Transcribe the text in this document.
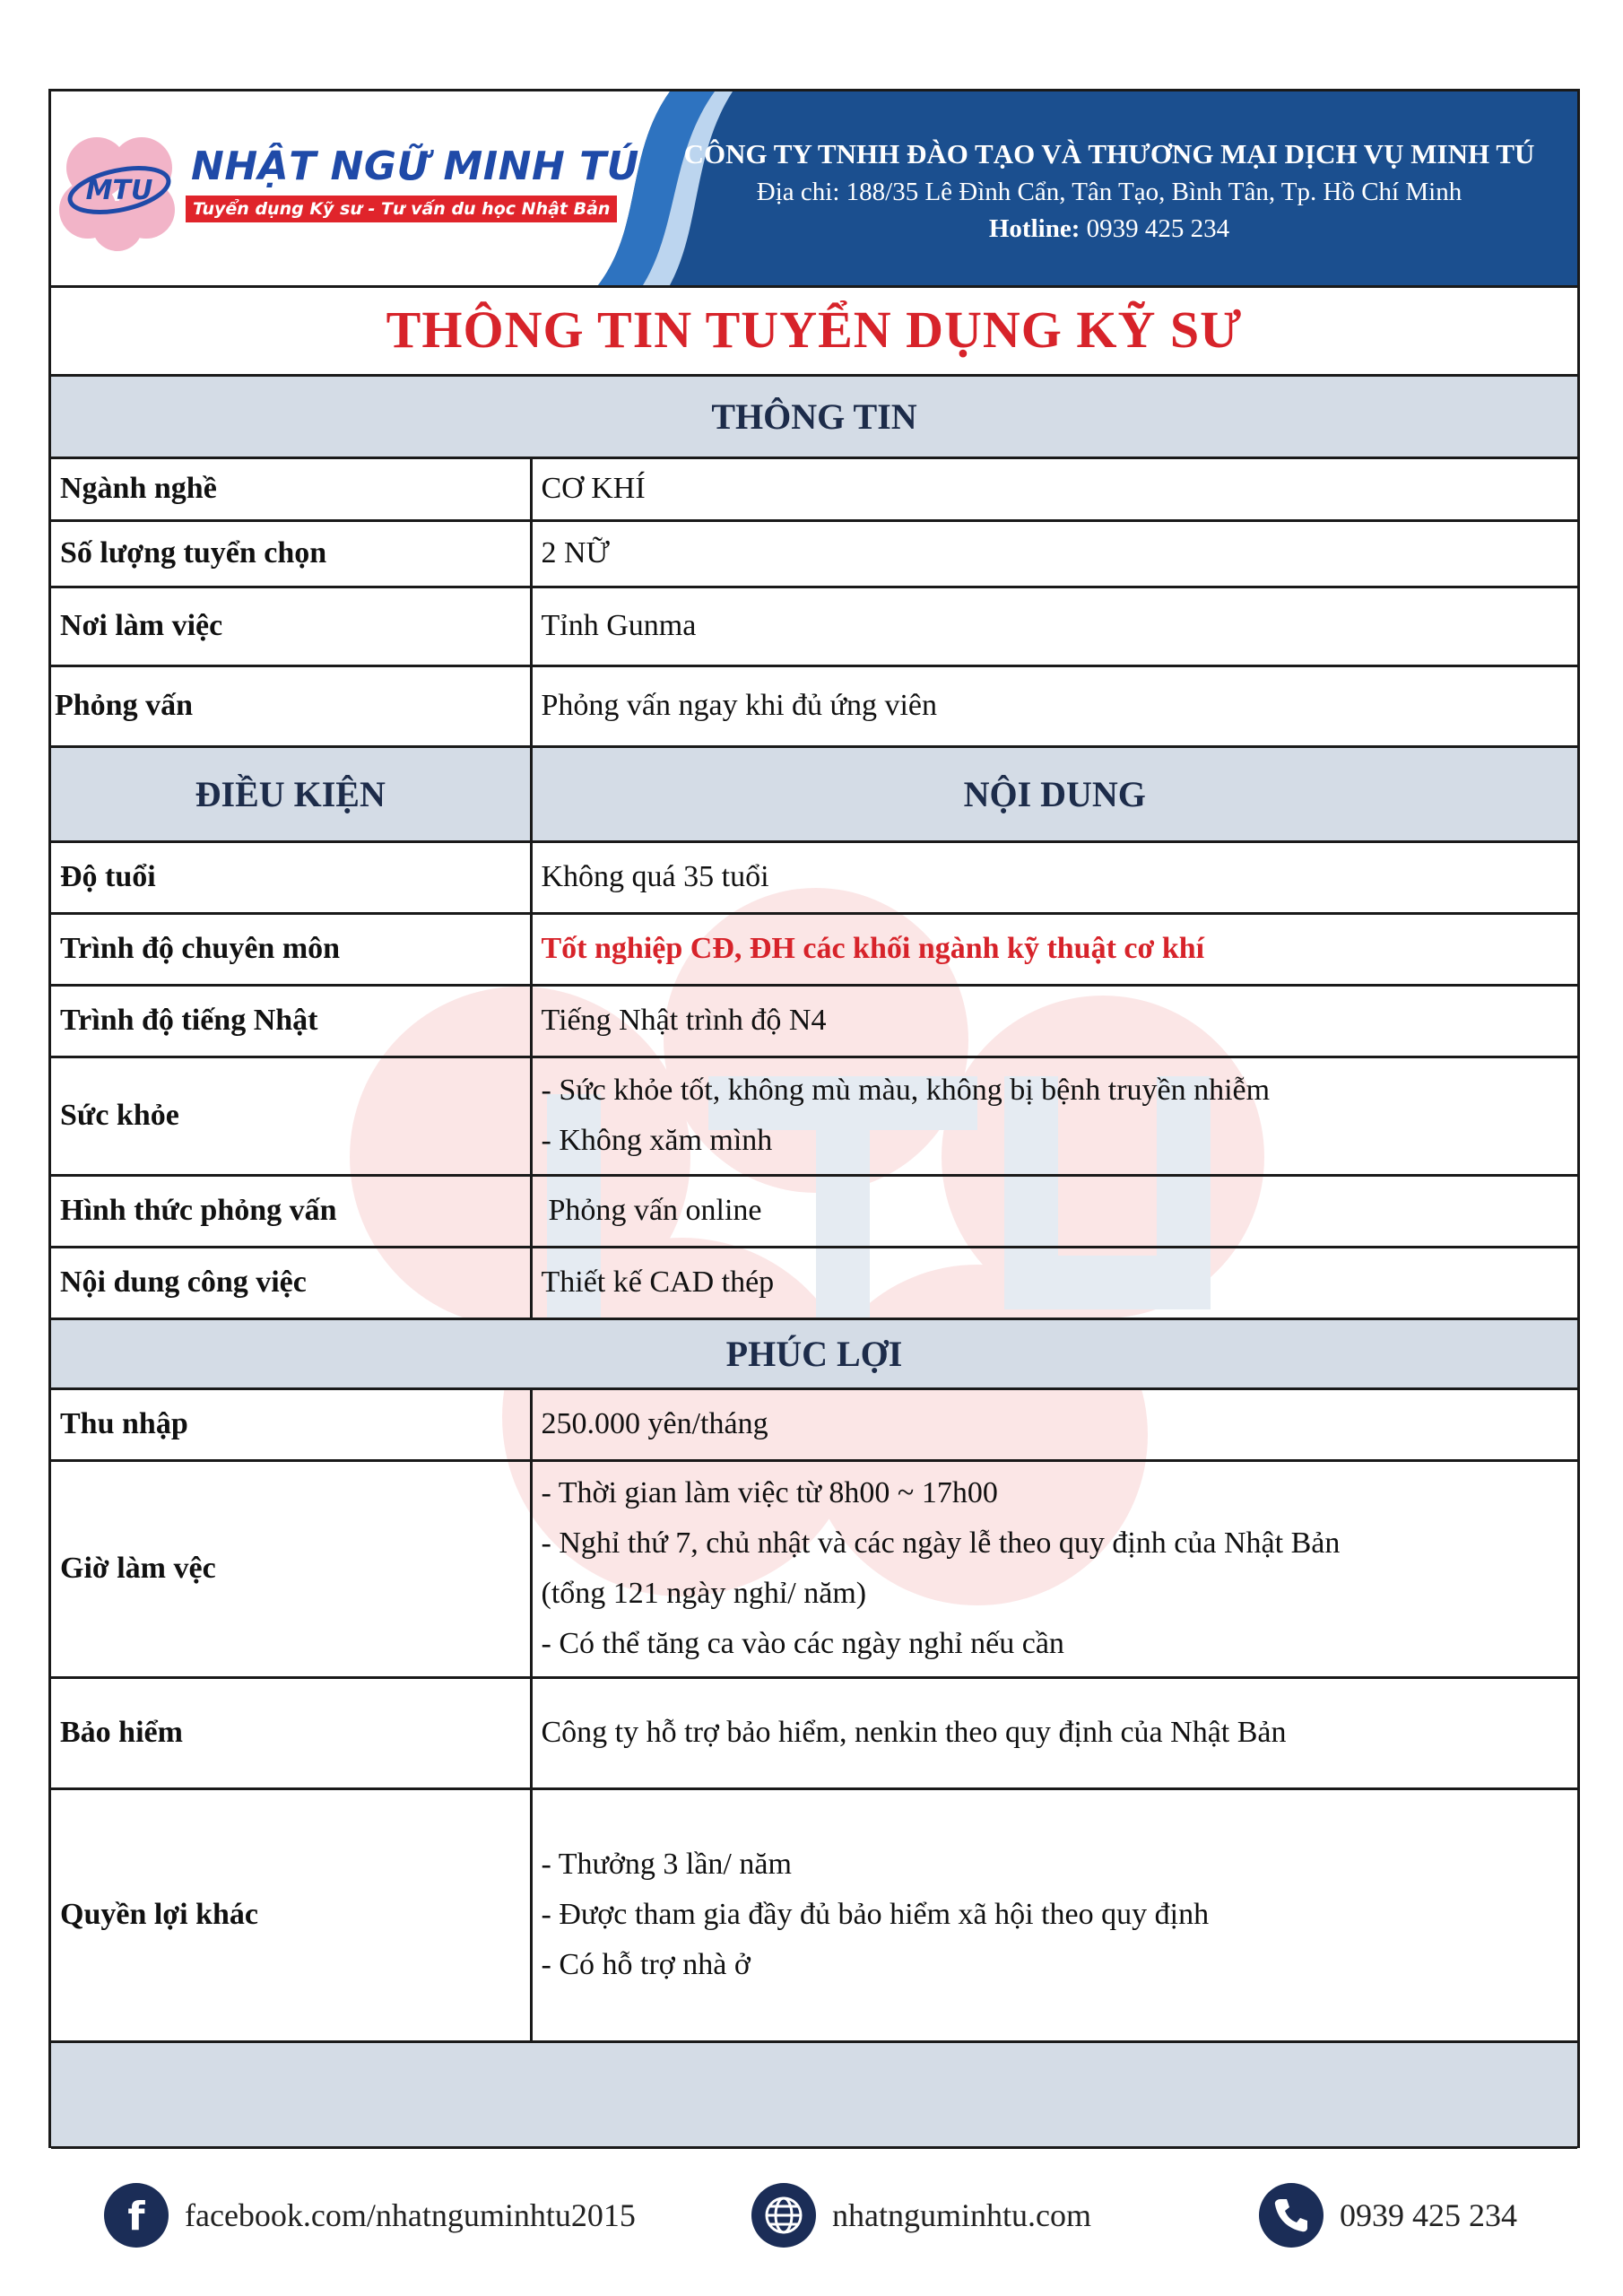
MTU
NHẬT NGỮ MINH TÚ
Tuyển dụng Kỹ sư - Tư vấn du học Nhật Bản
CÔNG TY TNHH ĐÀO TẠO VÀ THƯƠNG MẠI DỊCH VỤ MINH TÚ
Địa chi: 188/35 Lê Đình Cẩn, Tân Tạo, Bình Tân, Tp. Hồ Chí Minh
Hotline: 0939 425 234
THÔNG TIN TUYỂN DỤNG KỸ SƯ	
THÔNG TIN	
Ngành nghề	CƠ KHÍ
Số lượng tuyển chọn	2 NỮ
Nơi làm việc	Tỉnh Gunma
Phỏng vấn	Phỏng vấn ngay khi đủ ứng viên
ĐIỀU KIỆN	NỘI DUNG
Độ tuổi	Không quá 35 tuổi
Trình độ chuyên môn	Tốt nghiệp CĐ, ĐH các khối ngành kỹ thuật cơ khí
Trình độ tiếng Nhật	Tiếng Nhật trình độ N4
Sức khỏe	- Sức khỏe tốt, không mù màu, không bị bệnh truyền nhiễm
- Không xăm mình

Hình thức phỏng vấn	Phỏng vấn online
Nội dung công việc	Thiết kế CAD thép
PHÚC LỢI	
Thu nhập	250.000 yên/tháng
Giờ làm vệc	- Thời gian làm việc từ 8h00 ~ 17h00
- Nghỉ thứ 7, chủ nhật và các ngày lễ theo quy định của Nhật Bản
(tổng 121 ngày nghỉ/ năm)
- Có thể tăng ca vào các ngày nghỉ nếu cần

Bảo hiểm	Công ty hỗ trợ bảo hiểm, nenkin theo quy định của Nhật Bản
Quyền lợi khác	- Thưởng 3 lần/ năm
- Được tham gia đầy đủ bảo hiểm xã hội theo quy định
- Có hỗ trợ nhà ở

f facebook.com/nhatnguminhtu2015	nhatnguminhtu.com	0939 425 234
